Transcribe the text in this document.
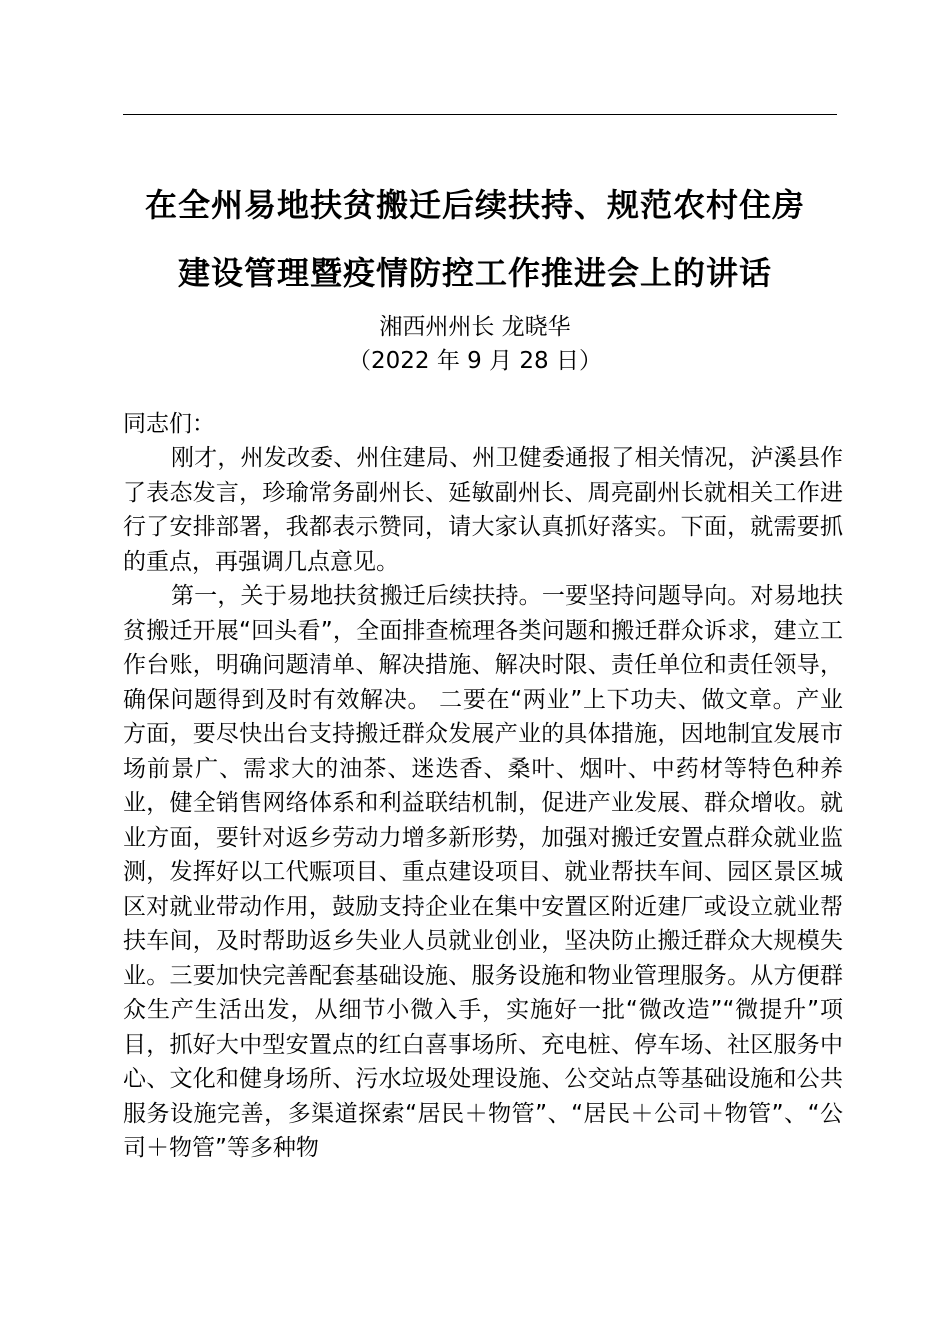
在全州易地扶贫搬迁后续扶持、规范农村住房
建设管理暨疫情防控工作推进会上的讲话
湘西州州长 龙晓华
（2022 年 9 月 28 日）
同志们：

刚才，州发改委、州住建局、州卫健委通报了相关情况，泸溪县作了表态发言，珍瑜常务副州长、延敏副州长、周亮副州长就相关工作进行了安排部署，我都表示赞同，请大家认真抓好落实。下面，就需要抓的重点，再强调几点意见。

第一，关于易地扶贫搬迁后续扶持。一要坚持问题导向。对易地扶贫搬迁开展“回头看”，全面排查梳理各类问题和搬迁群众诉求，建立工作台账，明确问题清单、解决措施、解决时限、责任单位和责任领导，确保问题得到及时有效解决。 二要在“两业”上下功夫、做文章。产业方面，要尽快出台支持搬迁群众发展产业的具体措施，因地制宜发展市场前景广、需求大的油茶、迷迭香、桑叶、烟叶、中药材等特色种养业，健全销售网络体系和利益联结机制，促进产业发展、群众增收。就业方面，要针对返乡劳动力增多新形势，加强对搬迁安置点群众就业监测，发挥好以工代赈项目、重点建设项目、就业帮扶车间、园区景区城区对就业带动作用，鼓励支持企业在集中安置区附近建厂或设立就业帮扶车间，及时帮助返乡失业人员就业创业，坚决防止搬迁群众大规模失业。三要加快完善配套基础设施、服务设施和物业管理服务。从方便群众生产生活出发，从细节小微入手，实施好一批“微改造”“微提升”项目，抓好大中型安置点的红白喜事场所、充电桩、停车场、社区服务中心、文化和健身场所、污水垃圾处理设施、公交站点等基础设施和公共服务设施完善，多渠道探索“居民＋物管”、“居民＋公司＋物管”、“公司＋物管”等多种物
